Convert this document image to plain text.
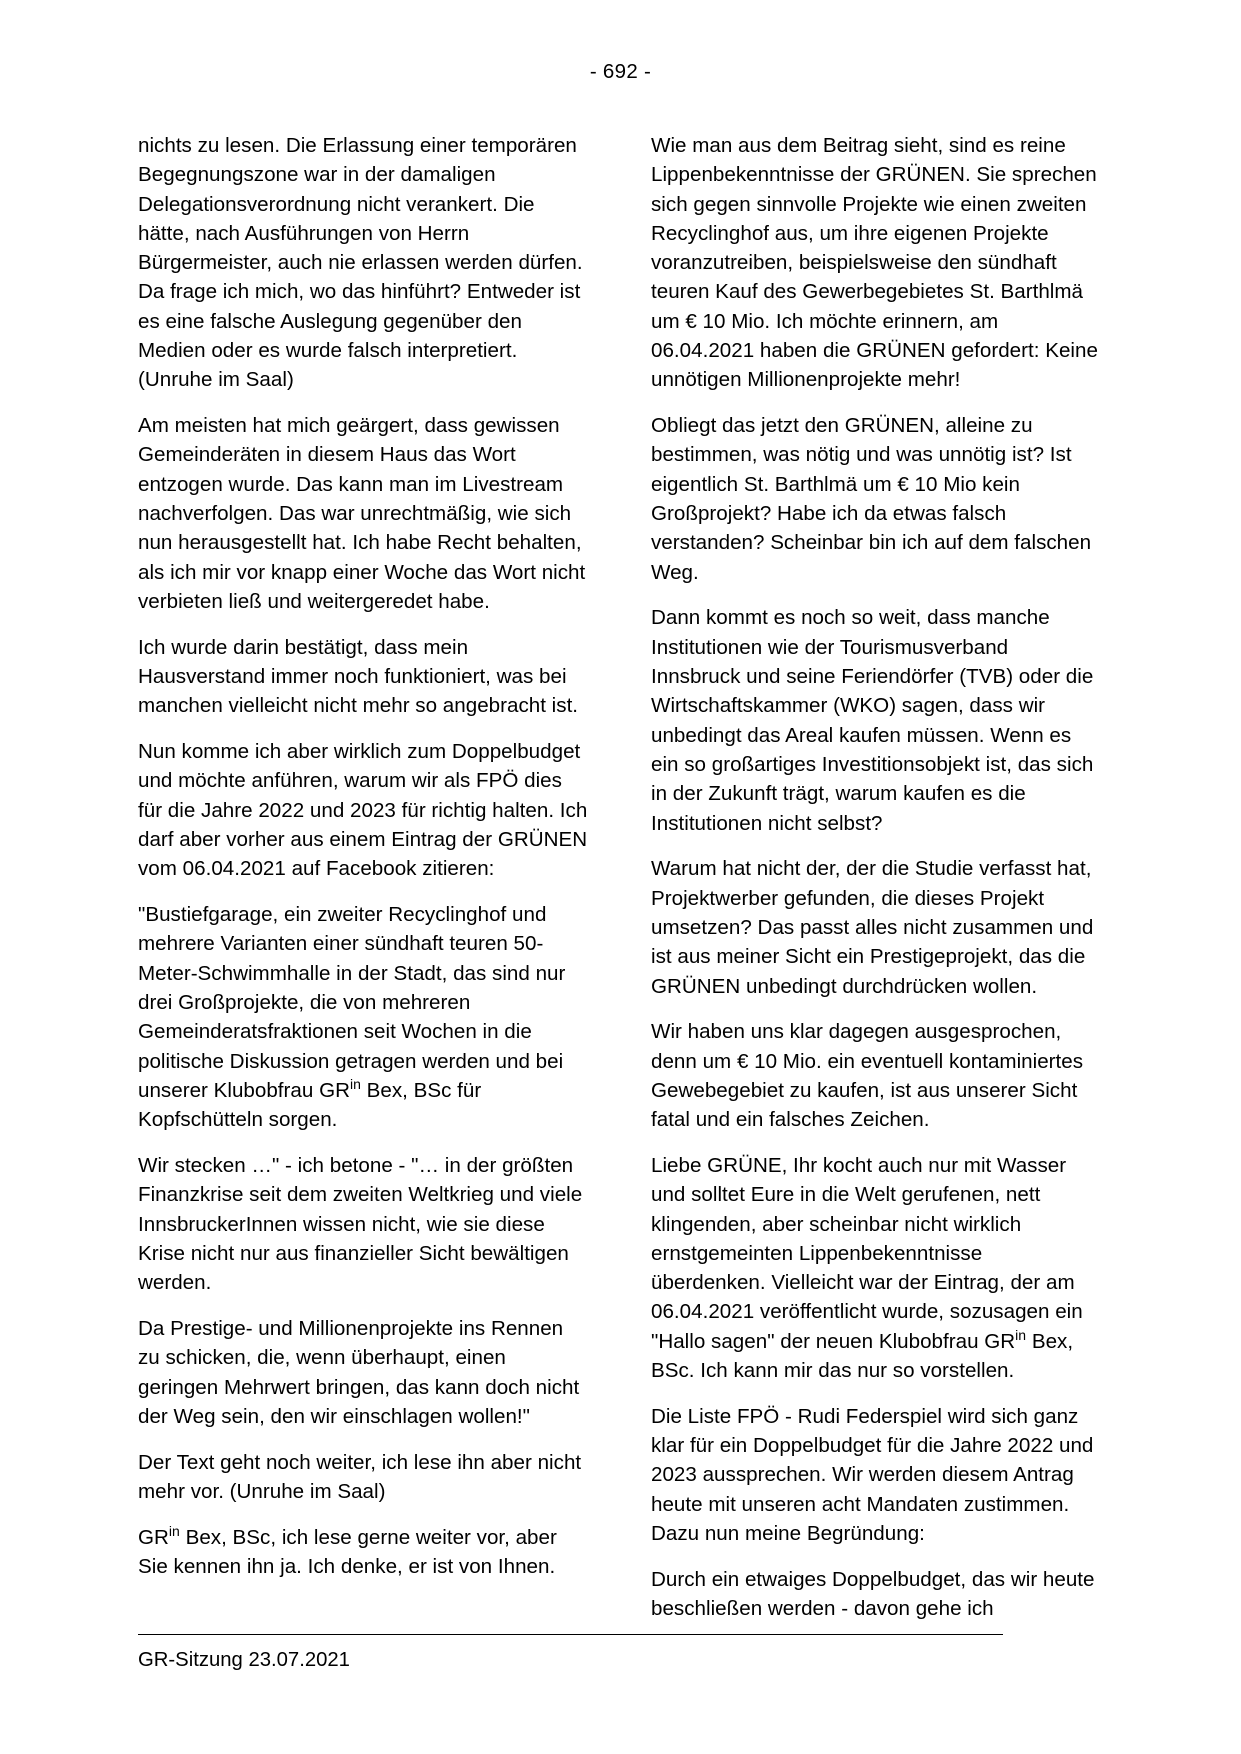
- 692 -

nichts zu lesen. Die Erlassung einer temporären Begegnungszone war in der damaligen Delegationsverordnung nicht verankert. Die hätte, nach Ausführungen von Herrn Bürgermeister, auch nie erlassen werden dürfen. Da frage ich mich, wo das hinführt? Entweder ist es eine falsche Auslegung gegenüber den Medien oder es wurde falsch interpretiert. (Unruhe im Saal)

Am meisten hat mich geärgert, dass gewissen Gemeinderäten in diesem Haus das Wort entzogen wurde. Das kann man im Livestream nachverfolgen. Das war unrechtmäßig, wie sich nun herausgestellt hat. Ich habe Recht behalten, als ich mir vor knapp einer Woche das Wort nicht verbieten ließ und weitergeredet habe.

Ich wurde darin bestätigt, dass mein Hausverstand immer noch funktioniert, was bei manchen vielleicht nicht mehr so angebracht ist.

Nun komme ich aber wirklich zum Doppelbudget und möchte anführen, warum wir als FPÖ dies für die Jahre 2022 und 2023 für richtig halten. Ich darf aber vorher aus einem Eintrag der GRÜNEN vom 06.04.2021 auf Facebook zitieren:

"Bustiefgarage, ein zweiter Recyclinghof und mehrere Varianten einer sündhaft teuren 50-Meter-Schwimmhalle in der Stadt, das sind nur drei Großprojekte, die von mehreren Gemeinderatsfraktionen seit Wochen in die politische Diskussion getragen werden und bei unserer Klubobfrau $GR^{in}$ Bex, BSc für Kopfschütteln sorgen.

Wir stecken …" - ich betone - "… in der größten Finanzkrise seit dem zweiten Weltkrieg und viele InnsbruckerInnen wissen nicht, wie sie diese Krise nicht nur aus finanzieller Sicht bewältigen werden.

Da Prestige- und Millionenprojekte ins Rennen zu schicken, die, wenn überhaupt, einen geringen Mehrwert bringen, das kann doch nicht der Weg sein, den wir einschlagen wollen!"

Der Text geht noch weiter, ich lese ihn aber nicht mehr vor. (Unruhe im Saal)

$GR^{in}$ Bex, BSc, ich lese gerne weiter vor, aber Sie kennen ihn ja. Ich denke, er ist von Ihnen.

Wie man aus dem Beitrag sieht, sind es reine Lippenbekenntnisse der GRÜNEN. Sie sprechen sich gegen sinnvolle Projekte wie einen zweiten Recyclinghof aus, um ihre eigenen Projekte voranzutreiben, beispielsweise den sündhaft teuren Kauf des Gewerbegebietes St. Barthlmä um € 10 Mio. Ich möchte erinnern, am 06.04.2021 haben die GRÜNEN gefordert: Keine unnötigen Millionenprojekte mehr!

Obliegt das jetzt den GRÜNEN, alleine zu bestimmen, was nötig und was unnötig ist? Ist eigentlich St. Barthlmä um € 10 Mio kein Großprojekt? Habe ich da etwas falsch verstanden? Scheinbar bin ich auf dem falschen Weg.

Dann kommt es noch so weit, dass manche Institutionen wie der Tourismusverband Innsbruck und seine Feriendörfer (TVB) oder die Wirtschaftskammer (WKO) sagen, dass wir unbedingt das Areal kaufen müssen. Wenn es ein so großartiges Investitionsobjekt ist, das sich in der Zukunft trägt, warum kaufen es die Institutionen nicht selbst?

Warum hat nicht der, der die Studie verfasst hat, Projektwerber gefunden, die dieses Projekt umsetzen? Das passt alles nicht zusammen und ist aus meiner Sicht ein Prestigeprojekt, das die GRÜNEN unbedingt durchdrücken wollen.

Wir haben uns klar dagegen ausgesprochen, denn um € 10 Mio. ein eventuell kontaminiertes Gewebegebiet zu kaufen, ist aus unserer Sicht fatal und ein falsches Zeichen.

Liebe GRÜNE, Ihr kocht auch nur mit Wasser und solltet Eure in die Welt gerufenen, nett klingenden, aber scheinbar nicht wirklich ernstgemeinten Lippenbekenntnisse überdenken. Vielleicht war der Eintrag, der am 06.04.2021 veröffentlicht wurde, sozusagen ein "Hallo sagen" der neuen Klubobfrau $GR^{in}$ Bex, BSc. Ich kann mir das nur so vorstellen.

Die Liste FPÖ - Rudi Federspiel wird sich ganz klar für ein Doppelbudget für die Jahre 2022 und 2023 aussprechen. Wir werden diesem Antrag heute mit unseren acht Mandaten zustimmen. Dazu nun meine Begründung:

Durch ein etwaiges Doppelbudget, das wir heute beschließen werden - davon gehe ich

GR-Sitzung 23.07.2021
